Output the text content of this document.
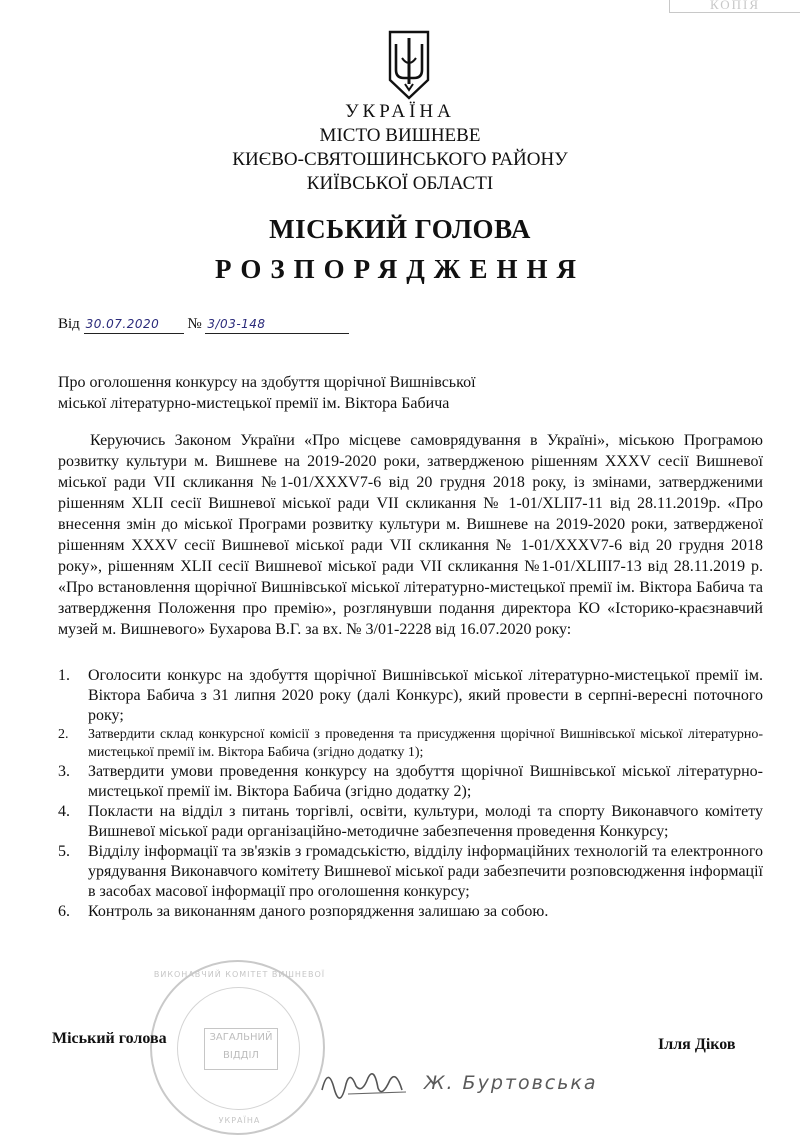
КОПІЯ
УКРАЇНА
МІСТО ВИШНЕВЕ
КИЄВО-СВЯТОШИНСЬКОГО РАЙОНУ
КИЇВСЬКОЇ ОБЛАСТІ
МІСЬКИЙ ГОЛОВА
РОЗПОРЯДЖЕННЯ
Від 30.07.2020 № 3/03-148
Про оголошення конкурсу на здобуття щорічної Вишнівської
міської літературно-мистецької премії ім. Віктора Бабича

Керуючись Законом України «Про місцеве самоврядування в Україні», міською Програмою розвитку культури м. Вишневе на 2019-2020 роки, затвердженою рішенням XXXV сесії Вишневої міської ради VII скликання №1-01/XXXV7-6 від 20 грудня 2018 року, із змінами, затвердженими рішенням XLII сесії Вишневої міської ради VII скликання № 1-01/XLII7-11 від 28.11.2019р. «Про внесення змін до міської Програми розвитку культури м. Вишневе на 2019-2020 роки, затвердженої рішенням XXXV сесії Вишневої міської ради VII скликання № 1-01/XXXV7-6 від 20 грудня 2018 року», рішенням XLII сесії Вишневої міської ради VII скликання №1-01/XLIII7-13 від 28.11.2019 р. «Про встановлення щорічної Вишнівської міської літературно-мистецької премії ім. Віктора Бабича та затвердження Положення про премію», розглянувши подання директора КО «Історико-краєзнавчий музей м. Вишневого» Бухарова В.Г. за вх. № 3/01-2228 від 16.07.2020 року:

1. Оголосити конкурс на здобуття щорічної Вишнівської міської літературно-мистецької премії ім. Віктора Бабича з 31 липня 2020 року (далі Конкурс), який провести в серпні-вересні поточного року;
2. Затвердити склад конкурсної комісії з проведення та присудження щорічної Вишнівської міської літературно-мистецької премії ім. Віктора Бабича (згідно додатку 1);
3. Затвердити умови проведення конкурсу на здобуття щорічної Вишнівської міської літературно-мистецької премії ім. Віктора Бабича (згідно додатку 2);
4. Покласти на відділ з питань торгівлі, освіти, культури, молоді та спорту Виконавчого комітету Вишневої міської ради організаційно-методичне забезпечення проведення Конкурсу;
5. Відділу інформації та зв'язків з громадськістю, відділу інформаційних технологій та електронного урядування Виконавчого комітету Вишневої міської ради забезпечити розповсюдження інформації в засобах масової інформації про оголошення конкурсу;
6. Контроль за виконанням даного розпорядження залишаю за собою.
ВИКОНАВЧИЙ КОМІТЕТ ВИШНЕВОЇ
ЗАГАЛЬНИЙ
ВІДДІЛ
УКРАЇНА
Міський голова	Ілля Діков
Ж. Буртовська
